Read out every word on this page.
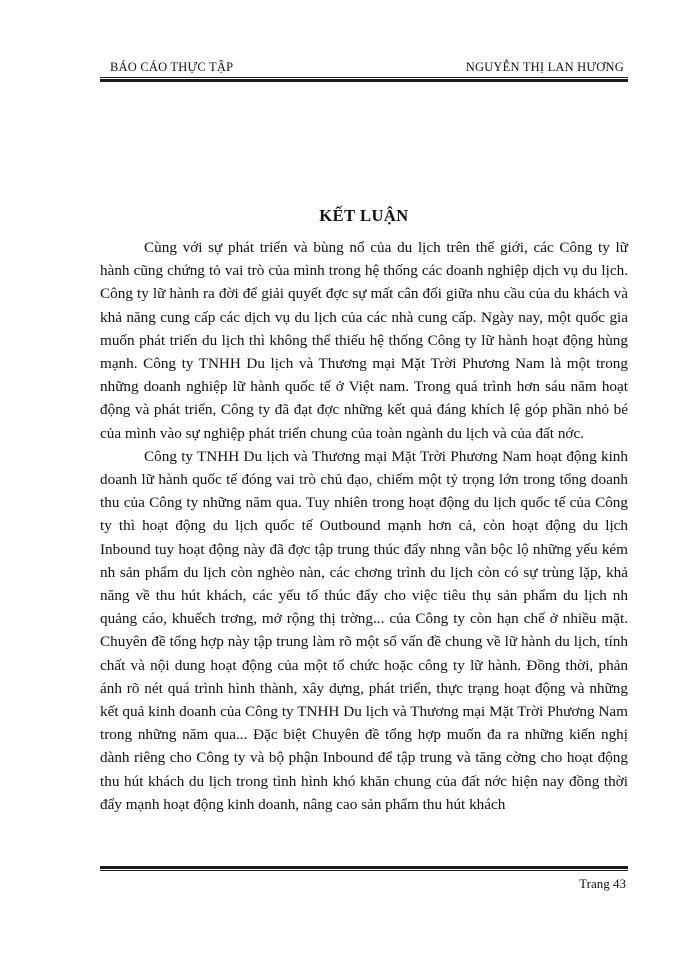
BÁO CÁO THỰC TẬP	NGUYỄN THỊ LAN HƯƠNG
KẾT LUẬN

Cùng với sự phát triển và bùng nổ của du lịch trên thế giới, các Công ty lữ hành cũng chứng tỏ vai trò của mình trong hệ thống các doanh nghiệp dịch vụ du lịch. Công ty lữ hành ra đời để giải quyết đợc sự mất cân đối giữa nhu cầu của du khách và khả năng cung cấp các dịch vụ du lịch của các nhà cung cấp. Ngày nay, một quốc gia muốn phát triển du lịch thì không thể thiếu hệ thống Công ty lữ hành hoạt động hùng mạnh. Công ty TNHH Du lịch và Thương mại Mặt Trời Phương Nam là một trong những doanh nghiệp lữ hành quốc tế ở Việt nam. Trong quá trình hơn sáu năm hoạt động và phát triển, Công ty đã đạt đợc những kết quả đáng khích lệ góp phần nhỏ bé của mình vào sự nghiệp phát triển chung của toàn ngành du lịch và của đất nớc.

Công ty TNHH Du lịch và Thương mại Mặt Trời Phương Nam hoạt động kinh doanh lữ hành quốc tế đóng vai trò chủ đạo, chiếm một tỷ trọng lớn trong tổng doanh thu của Công ty những năm qua. Tuy nhiên trong hoạt động du lịch quốc tế của Công ty thì hoạt động du lịch quốc tế Outbound mạnh hơn cả, còn hoạt động du lịch Inbound tuy hoạt động này đã đợc tập trung thúc đẩy nhng vẫn bộc lộ những yếu kém nh sản phẩm du lịch còn nghèo nàn, các chơng trình du lịch còn có sự trùng lặp, khả năng về thu hút khách, các yếu tố thúc đẩy cho việc tiêu thụ sản phẩm du lịch nh quảng cáo, khuếch trơng, mở rộng thị trờng... của Công ty còn hạn chế ở nhiều mặt. Chuyên đề tổng hợp này tập trung làm rõ một số vấn đề chung về lữ hành du lịch, tính chất và nội dung hoạt động của một tổ chức hoặc công ty lữ hành. Đồng thời, phản ánh rõ nét quá trình hình thành, xây dựng, phát triển, thực trạng hoạt động và những kết quả kinh doanh của Công ty TNHH Du lịch và Thương mại Mặt Trời Phương Nam trong những năm qua... Đặc biệt Chuyên đề tổng hợp muốn đa ra những kiến nghị dành riêng cho Công ty và bộ phận Inbound để tập trung và tăng cờng cho hoạt động thu hút khách du lịch trong tình hình khó khăn chung của đất nớc hiện nay đồng thời đẩy mạnh hoạt động kinh doanh, nâng cao sản phẩm thu hút khách

Trang 43
